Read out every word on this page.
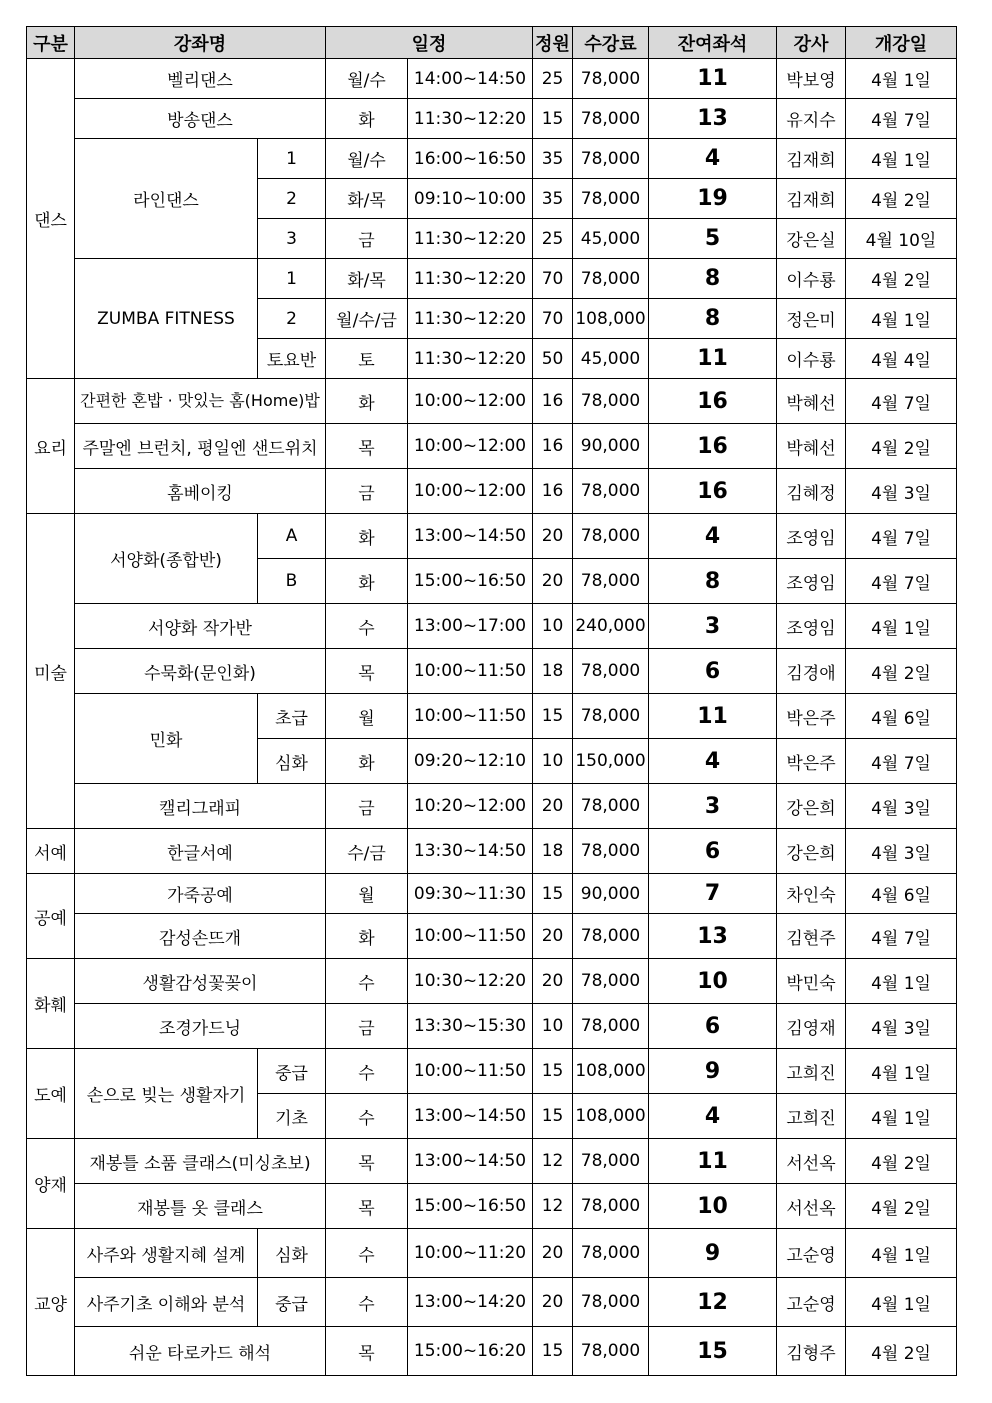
구분	강좌명		일정		정원	수강료	잔여좌석	강사	개강일
댄스	벨리댄스		월/수	14:00~14:50	25	78,000	11	박보영	4월 1일
	방송댄스		화	11:30~12:20	15	78,000	13	유지수	4월 7일
	라인댄스	1	월/수	16:00~16:50	35	78,000	4	김재희	4월 1일
		2	화/목	09:10~10:00	35	78,000	19	김재희	4월 2일
		3	금	11:30~12:20	25	45,000	5	강은실	4월 10일
	ZUMBA FITNESS	1	화/목	11:30~12:20	70	78,000	8	이수룡	4월 2일
		2	월/수/금	11:30~12:20	70	108,000	8	정은미	4월 1일
		토요반	토	11:30~12:20	50	45,000	11	이수룡	4월 4일
요리	간편한 혼밥 · 맛있는 홈(Home)밥		화	10:00~12:00	16	78,000	16	박혜선	4월 7일
	주말엔 브런치, 평일엔 샌드위치		목	10:00~12:00	16	90,000	16	박혜선	4월 2일
	홈베이킹		금	10:00~12:00	16	78,000	16	김혜정	4월 3일
미술	서양화(종합반)	A	화	13:00~14:50	20	78,000	4	조영임	4월 7일
		B	화	15:00~16:50	20	78,000	8	조영임	4월 7일
	서양화 작가반		수	13:00~17:00	10	240,000	3	조영임	4월 1일
	수묵화(문인화)		목	10:00~11:50	18	78,000	6	김경애	4월 2일
	민화	초급	월	10:00~11:50	15	78,000	11	박은주	4월 6일
		심화	화	09:20~12:10	10	150,000	4	박은주	4월 7일
	캘리그래피		금	10:20~12:00	20	78,000	3	강은희	4월 3일
서예	한글서예		수/금	13:30~14:50	18	78,000	6	강은희	4월 3일
공예	가죽공예		월	09:30~11:30	15	90,000	7	차인숙	4월 6일
	감성손뜨개		화	10:00~11:50	20	78,000	13	김현주	4월 7일
화훼	생활감성꽃꽂이		수	10:30~12:20	20	78,000	10	박민숙	4월 1일
	조경가드닝		금	13:30~15:30	10	78,000	6	김영재	4월 3일
도예	손으로 빚는 생활자기	중급	수	10:00~11:50	15	108,000	9	고희진	4월 1일
		기초	수	13:00~14:50	15	108,000	4	고희진	4월 1일
양재	재봉틀 소품 클래스(미싱초보)		목	13:00~14:50	12	78,000	11	서선옥	4월 2일
	재봉틀 옷 클래스		목	15:00~16:50	12	78,000	10	서선옥	4월 2일
교양	사주와 생활지혜 설계	심화	수	10:00~11:20	20	78,000	9	고순영	4월 1일
	사주기초 이해와 분석	중급	수	13:00~14:20	20	78,000	12	고순영	4월 1일
	쉬운 타로카드 해석		목	15:00~16:20	15	78,000	15	김형주	4월 2일
